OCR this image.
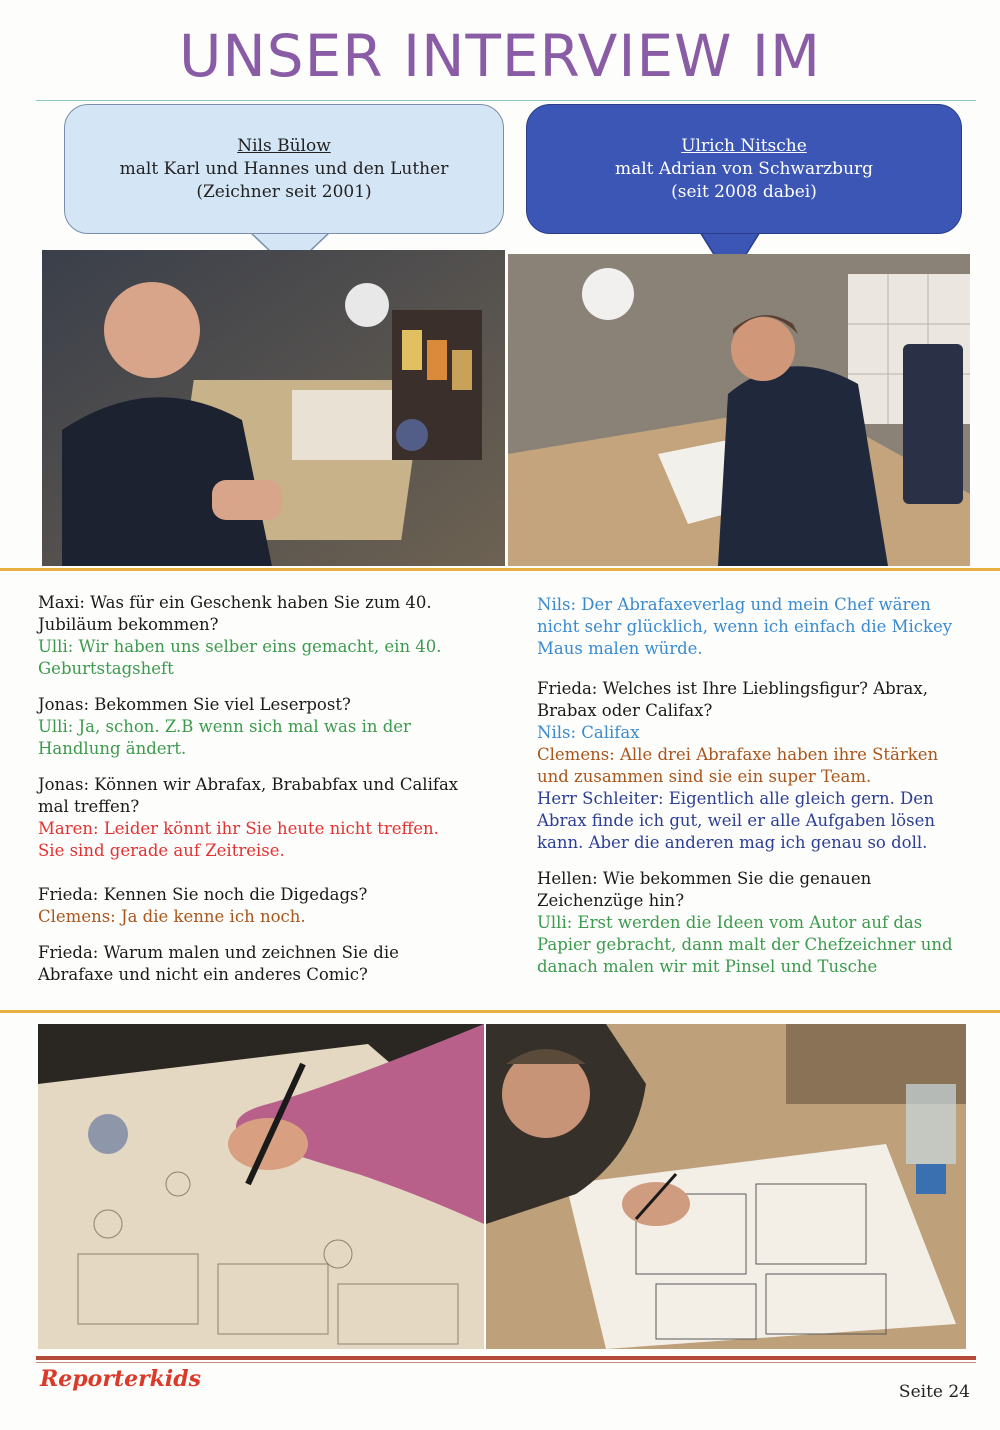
UNSER INTERVIEW IM
Nils Bülow
malt Karl und Hannes und den Luther
(Zeichner seit 2001)
Ulrich Nitsche
malt Adrian von Schwarzburg
(seit 2008 dabei)
Maxi: Was für ein Geschenk haben Sie zum 40. Jubiläum bekommen?
Ulli: Wir haben uns selber eins gemacht, ein 40. Geburtstagsheft
Jonas: Bekommen Sie viel Leserpost?
Ulli: Ja, schon. Z.B wenn sich mal was in der Handlung ändert.
Jonas: Können wir Abrafax, Brababfax und Califax mal treffen?
Maren: Leider könnt ihr Sie heute nicht treffen. Sie sind gerade auf Zeitreise.
Frieda: Kennen Sie noch die Digedags?
Clemens: Ja die kenne ich noch.
Frieda: Warum malen und zeichnen Sie die Abrafaxe und nicht ein anderes Comic?
Nils: Der Abrafaxeverlag und mein Chef wären nicht sehr glücklich, wenn ich einfach die Mickey Maus malen würde.
Frieda: Welches ist Ihre Lieblingsfigur? Abrax, Brabax oder Califax?
Nils: Califax
Clemens: Alle drei Abrafaxe haben ihre Stärken und zusammen sind sie ein super Team.
Herr Schleiter: Eigentlich alle gleich gern. Den Abrax finde ich gut, weil er alle Aufgaben lösen kann. Aber die anderen mag ich genau so doll.
Hellen: Wie bekommen Sie die genauen Zeichenzüge hin?
Ulli: Erst werden die Ideen vom Autor auf das Papier gebracht, dann malt der Chefzeichner und danach malen wir mit Pinsel und Tusche
Reporterkids	Seite 24
